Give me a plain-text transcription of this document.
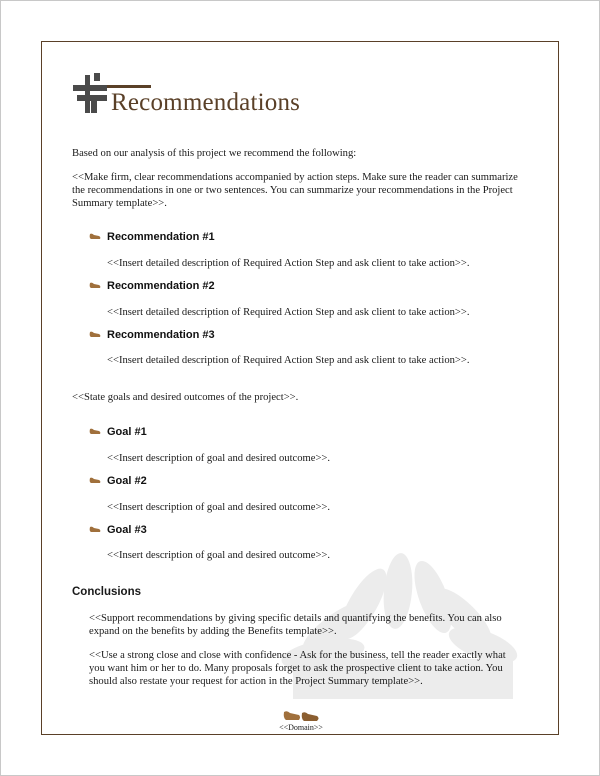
Recommendations

Based on our analysis of this project we recommend the following:

<<Make firm, clear recommendations accompanied by action steps. Make sure the reader can summarize

the recommendations in one or two sentences. You can summarize your recommendations in the Project

Summary template>>.

Recommendation #1

<<Insert detailed description of Required Action Step and ask client to take action>>.

Recommendation #2

<<Insert detailed description of Required Action Step and ask client to take action>>.

Recommendation #3

<<Insert detailed description of Required Action Step and ask client to take action>>.

<<State goals and desired outcomes of the project>>.

Goal #1

<<Insert description of goal and desired outcome>>.

Goal #2

<<Insert description of goal and desired outcome>>.

Goal #3

<<Insert description of goal and desired outcome>>.

Conclusions

<<Support recommendations by giving specific details and quantifying the benefits. You can also

expand on the benefits by adding the Benefits template>>.

<<Use a strong close and close with confidence - Ask for the business, tell the reader exactly what

you want him or her to do. Many proposals forget to ask the prospective client to take action. You

should also restate your request for action in the Project Summary template>>.

<<Domain>>
